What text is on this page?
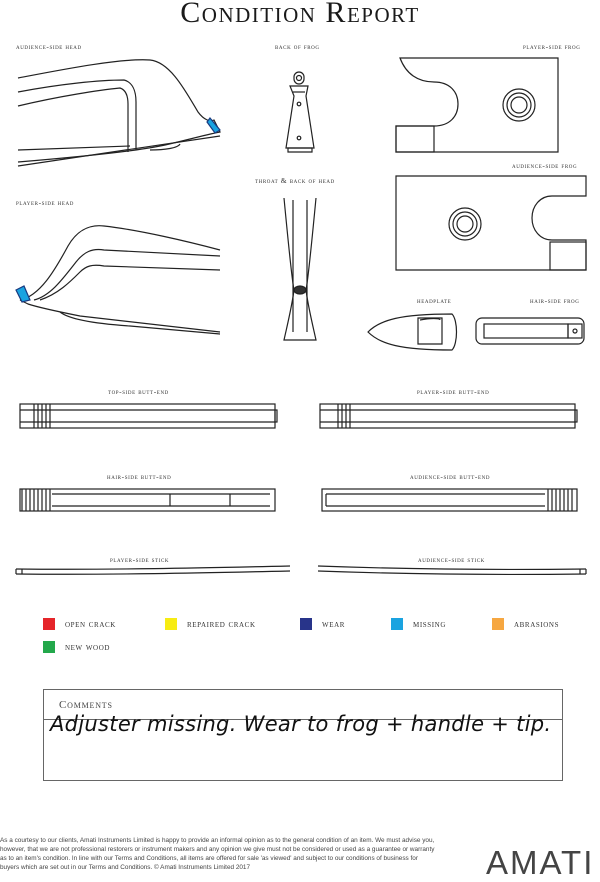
Condition Report
audience-side head	back of frog	player-side frog
audience-side frog
throat & back of head
player-side head
headplate	hair-side frog
top-side butt-end	player-side butt-end
hair-side butt-end	audience-side butt-end
player-side stick	audience-side stick
open crack	repaired crack	wear	missing	abrasions
new wood
Comments
Adjuster missing. Wear to frog + handle + tip.
As a courtesy to our clients, Amati Instruments Limited is happy to provide an informal opinion as to the general condition of an item. We must advise you, however, that we are not professional restorers or instrument makers and any opinion we give must not be considered or used as a guarantee or warranty as to an item's condition. In line with our Terms and Conditions, all items are offered for sale 'as viewed' and subject to our conditions of business for buyers which are set out in our Terms and Conditions. © Amati Instruments Limited 2017	AMATI
